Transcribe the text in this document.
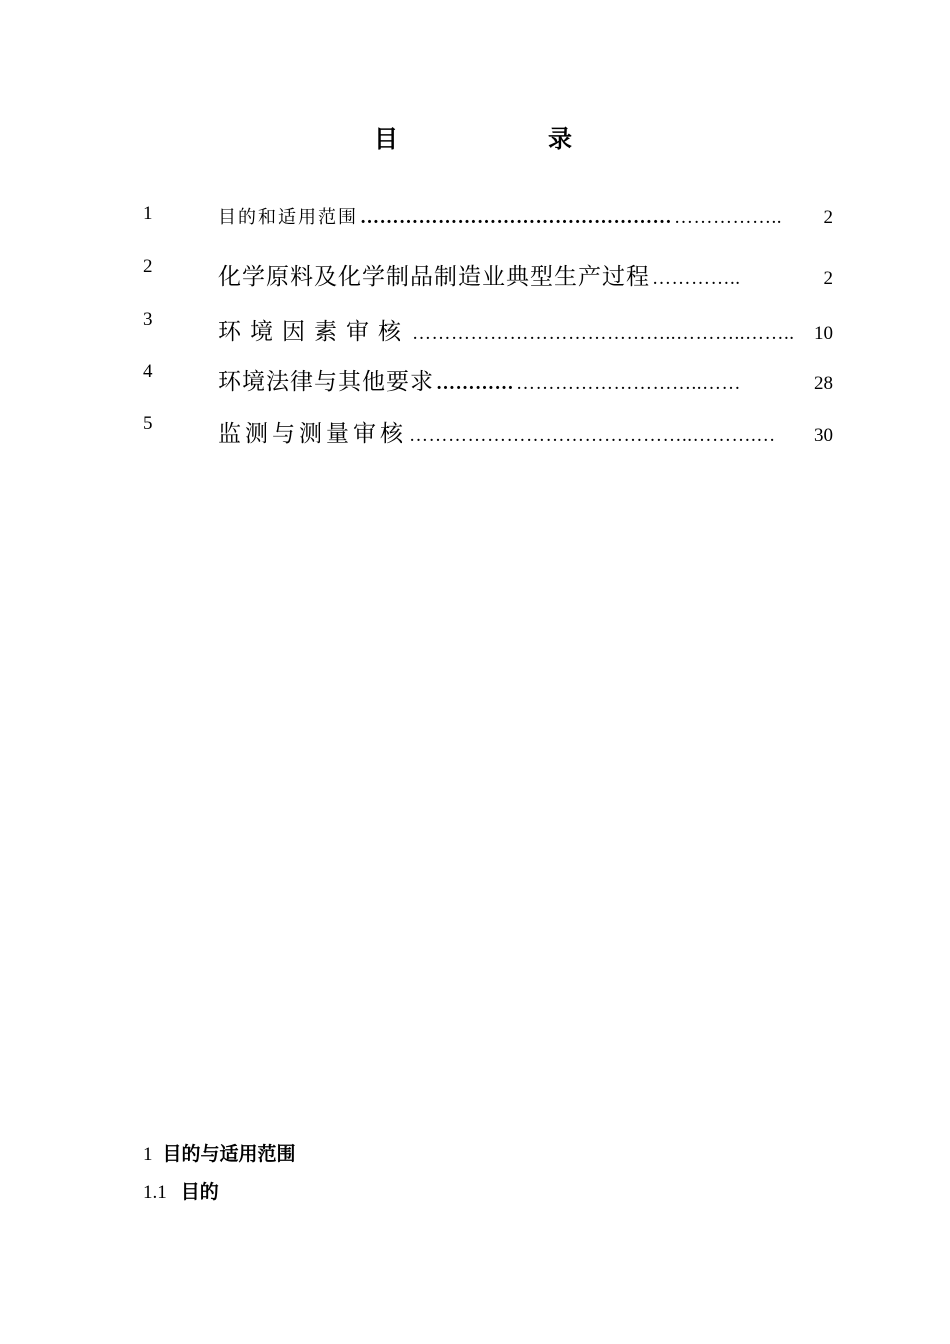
目	录
1	目的和适用范围 ………………………………………… ……………..	2
2	化学原料及化学制品制造业典型生产过程 …………..	2
3	环境因素审核 …………………………………..………..……..	10
4	环境法律与其他要求 ………… ………………………..……	28
5	监测与测量审核 ……………………………………..……….…	30
1 目的与适用范围
1.1 目的
